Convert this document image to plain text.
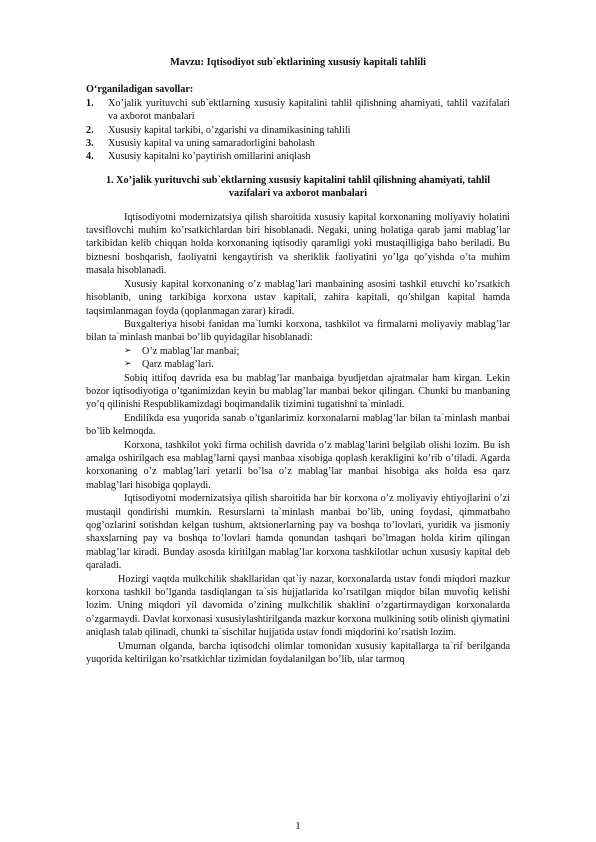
Mavzu: Iqtisodiyot sub`ektlarining xususiy kapitali tahlili
O‘rganiladigan savollar:
1.	Xo’jalik yurituvchi sub`ektlarning xususiy kapitalini tahlil qilishning ahamiyati, tahlil vazifalari va axborot manbalari
2.	Xususiy kapital tarkibi, o’zgarishi va dinamikasining tahlili
3.	Xususiy kapital va uning samaradorligini baholash
4.	Xususiy kapitalni ko’paytirish omillarini aniqlash
1. Xo’jalik yurituvchi sub`ektlarning xususiy kapitalini tahlil qilishning ahamiyati, tahlil vazifalari va axborot manbalari

Iqtisodiyotni modernizatsiya qilish sharoitida xususiy kapital korxonaning moliyaviy holatini tavsiflovchi muhim ko’rsatkichlardan biri hisoblanadi. Negaki, uning holatiga qarab jami mablag’lar tarkibidan kelib chiqqan holda korxonaning iqtisodiy qaramligi yoki mustaqilligiga baho beriladi. Bu biznesni boshqarish, faoliyatni kengaytirish va sheriklik faoliyatini yo’lga qo’yishda o’ta muhim masala hisoblanadi.

Xususiy kapital korxonaning o’z mablag’lari manbaining asosini tashkil etuvchi ko’rsatkich hisoblanib, uning tarkibiga korxona ustav kapitali, zahira kapitali, qo’shilgan kapital hamda taqsimlanmagan foyda (qoplanmagan zarar) kiradi.

Buxgalteriya hisobi fanidan ma`lumki korxona, tashkilot va firmalarni moliyaviy mablag’lar bilan ta`minlash manbai bo’lib quyidagilar hisoblanadi:

➢	O’z mablag’lar manbai;
➢	Qarz mablag’lari.

Sobiq ittifoq davrida esa bu mablag’lar manbaiga byudjetdan ajratmalar ham kirgan. Lekin bozor iqtisodiyotiga o’tganimizdan keyin bu mablag’lar manbai bekor qilingan. Chunki bu manbaning yo’q qilinishi Respublikamizdagi boqimandalik tizimini tugatishni ta`minladi.

Endilikda esa yuqorida sanab o’tganlarimiz korxonalarni mablag’lar bilan ta`minlash manbai bo’lib kelmoqda.

Korxona, tashkilot yoki firma ochilish davrida o’z mablag’larini belgilab olishi lozim. Bu ish amalga oshirilgach esa mablag’larni qaysi manbaa xisobiga qoplash kerakligini ko’rib o’tiladi. Agarda korxonaning o’z mablag’lari yetarli bo’lsa o’z mablag’lar manbai hisobiga aks holda esa qarz mablag’lari hisobiga qoplaydi.

Iqtisodiyotni modernizatsiya qilish sharoitida har bir korxona o’z moliyaviy ehtiyojlarini o’zi mustaqil qondirishi mumkin. Resurslarni ta`minlash manbai bo’lib, uning foydasi, qimmatbaho qog’ozlarini sotishdan kelgan tushum, aktsionerlarning pay va boshqa to’lovlari, yuridik va jismoniy shaxslarning pay va boshqa to’lovlari hamda qonundan tashqari bo’lmagan holda kirim qilingan mablag’lar kiradi. Bunday asosda kiritilgan mablag’lar korxona tashkilotlar uchun xususiy kapital deb qaraladi.

Hozirgi vaqtda mulkchilik shakllaridan qat`iy nazar, korxonalarda ustav fondi miqdori mazkur korxona tashkil bo’lganda tasdiqlangan ta`sis hujjatlarida ko’rsatilgan miqdor bilan muvofiq kelishi lozim. Uning miqdori yil davomida o’zining mulkchilik shaklini o’zgartirmaydigan korxonalarda o’zgarmaydi. Davlat korxonasi xususiylashtirilganda mazkur korxona mulkining sotib olinish qiymatini aniqlash talab qilinadi, chunki ta`sischilar hujjatida ustav fondi miqdorini ko’rsatish lozim.

Umuman olganda, barcha iqtisodchi olimlar tomonidan xususiy kapitallarga ta`rif berilganda yuqorida keltirilgan ko’rsatkichlar tizimidan foydalanilgan bo’lib, ular tarmoq

1
